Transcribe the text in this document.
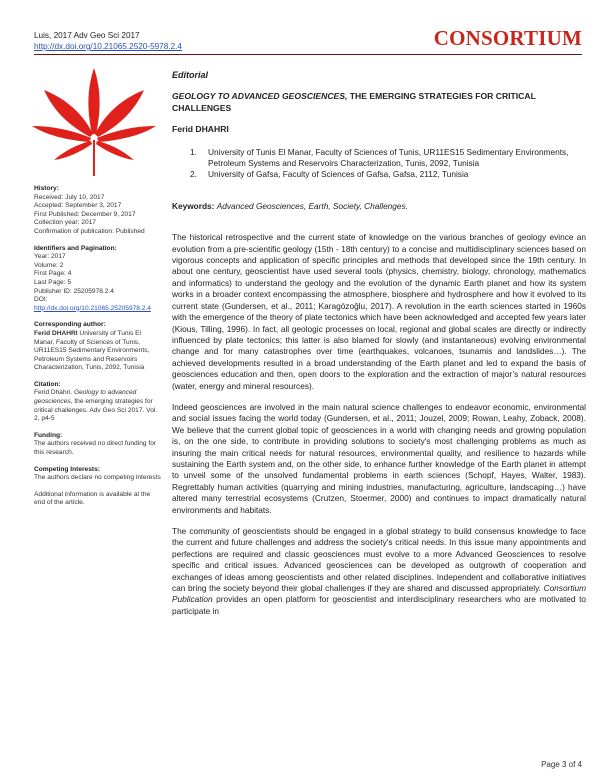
Luis, 2017 Adv Geo Sci 2017
http://dx.doi.org/10.21065.2520-5978.2.4	CONSORTIUM
History:
Received: July 10, 2017
Accepted: September 3, 2017
First Published: December 9, 2017
Collection year: 2017
Confirmation of publication: Published
Identifiers and Pagination:
Year: 2017
Volume: 2
First Page: 4
Last Page: 5
Publisher ID: 25205978.2.4
DOI:
http://dx.doi.org/10.21065.25205978.2.4
Corresponding author:
Ferid DHAHRI University of Tunis El Manar, Faculty of Sciences of Tunis, UR11ES15 Sedimentary Environments, Petroleum Systems and Reservoirs Characterization, Tunis, 2092, Tunisia
Citation:
Ferid Dhahri. Geology to advanced geosciences, the emerging strategies for critical challenges. Adv Geo Sci 2017. Vol. 2, p4-5
Funding:
The authors received no direct funding for this research.
Competing Interests:
The authors declare no competing interests
Additional information is available at the end of the article.
Editorial
GEOLOGY TO ADVANCED GEOSCIENCES, THE EMERGING STRATEGIES FOR CRITICAL CHALLENGES
Ferid DHAHRI
1.	University of Tunis El Manar, Faculty of Sciences of Tunis, UR11ES15 Sedimentary Environments, Petroleum Systems and Reservoirs Characterization, Tunis, 2092, Tunisia
2.	University of Gafsa, Faculty of Sciences of Gafsa, Gafsa, 2112, Tunisia
Keywords: Advanced Geosciences, Earth, Society, Challenges.

The historical retrospective and the current state of knowledge on the various branches of geology evince an evolution from a pre-scientific geology (15th - 18th century) to a concise and multidisciplinary sciences based on vigorous concepts and application of specific principles and methods that developed since the 19th century. In about one century, geoscientist have used several tools (physics, chemistry, biology, chronology, mathematics and informatics) to understand the geology and the evolution of the dynamic Earth planet and how its system works in a broader context encompassing the atmosphere, biosphere and hydrosphere and how it evolved to its current state (Gundersen, et al., 2011; Karagözoğlu, 2017). A revolution in the earth sciences started in 1960s with the emergence of the theory of plate tectonics which have been acknowledged and accepted few years later (Kious, Tilling, 1996). In fact, all geologic processes on local, regional and global scales are directly or indirectly influenced by plate tectonics; this latter is also blamed for slowly (and instantaneous) evolving environmental change and for many catastrophes over time (earthquakes, volcanoes, tsunamis and landslides…). The achieved developments resulted in a broad understanding of the Earth planet and led to expand the basis of geosciences education and then, open doors to the exploration and the extraction of major’s natural resources (water, energy and mineral resources).

Indeed geosciences are involved in the main natural science challenges to endeavor economic, environmental and social issues facing the world today (Gundersen, et al., 2011; Jouzel, 2009; Rowan, Leahy, Zoback, 2008). We believe that the current global topic of geosciences in a world with changing needs and growing population is, on the one side, to contribute in providing solutions to society's most challenging problems as much as insuring the main critical needs for natural resources, environmental quality, and resilience to hazards while sustaining the Earth system and, on the other side, to enhance further knowledge of the Earth planet in attempt to unveil some of the unsolved fundamental problems in earth sciences (Schopf, Hayes, Walter, 1983). Regrettably human activities (quarrying and mining industries, manufacturing, agriculture, landscaping…) have altered many terrestrial ecosystems (Crutzen, Stoermer, 2000) and continues to impact dramatically natural environments and habitats.

The community of geoscientists should be engaged in a global strategy to build consensus knowledge to face the current and future challenges and address the society's critical needs. In this issue many appointments and perfections are required and classic geosciences must evolve to a more Advanced Geosciences to resolve specific and critical issues. Advanced geosciences can be developed as outgrowth of cooperation and exchanges of ideas among geoscientists and other related disciplines. Independent and collaborative initiatives can bring the society beyond their global challenges if they are shared and discussed appropriately. Consortium Publication provides an open platform for geoscientist and interdisciplinary researchers who are motivated to participate in

Page 3 of 4
